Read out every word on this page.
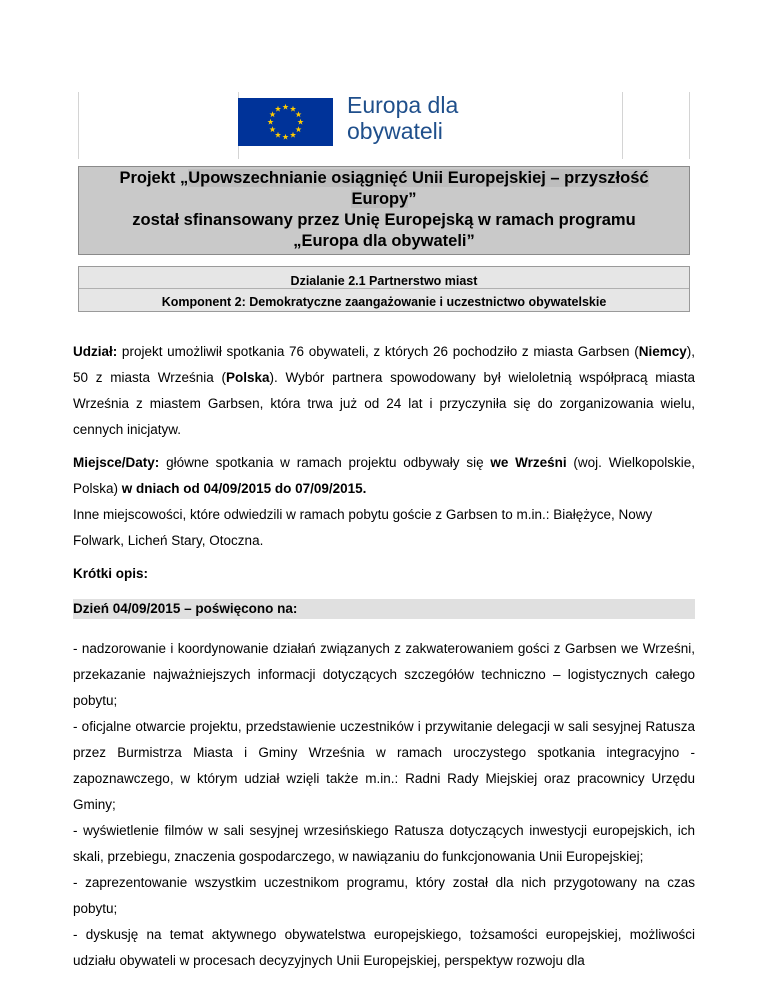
Europa dla
obywateli
Projekt „Upowszechnianie osiągnięć Unii Europejskiej – przyszłość
Europy”
został sfinansowany przez Unię Europejską w ramach programu
„Europa dla obywateli”
Dzialanie 2.1 Partnerstwo miast
Komponent 2: Demokratyczne zaangażowanie i uczestnictwo obywatelskie
Udział: projekt umożliwił spotkania 76 obywateli, z których 26 pochodziło z miasta Garbsen (Niemcy), 50 z miasta Września (Polska). Wybór partnera spowodowany był wieloletnią współpracą miasta Września z miastem Garbsen, która trwa już od 24 lat i przyczyniła się do zorganizowania wielu, cennych inicjatyw.
Miejsce/Daty: główne spotkania w ramach projektu odbywały się we Wrześni (woj. Wielkopolskie, Polska) w dniach od 04/09/2015 do 07/09/2015.
Inne miejscowości, które odwiedzili w ramach pobytu goście z Garbsen to m.in.: Białężyce, Nowy Folwark, Licheń Stary, Otoczna.
Krótki opis:
Dzień 04/09/2015 – poświęcono na:
- nadzorowanie i koordynowanie działań związanych z zakwaterowaniem gości z Garbsen we Wrześni, przekazanie najważniejszych informacji dotyczących szczegółów techniczno – logistycznych całego pobytu;
- oficjalne otwarcie projektu, przedstawienie uczestników i przywitanie delegacji w sali sesyjnej Ratusza przez Burmistrza Miasta i Gminy Września w ramach uroczystego spotkania integracyjno - zapoznawczego, w którym udział wzięli także m.in.: Radni Rady Miejskiej oraz pracownicy Urzędu Gminy;
- wyświetlenie filmów w sali sesyjnej wrzesińskiego Ratusza dotyczących inwestycji europejskich, ich skali, przebiegu, znaczenia gospodarczego, w nawiązaniu do funkcjonowania Unii Europejskiej;
- zaprezentowanie wszystkim uczestnikom programu, który został dla nich przygotowany na czas pobytu;
- dyskusję na temat aktywnego obywatelstwa europejskiego, tożsamości europejskiej, możliwości udziału obywateli w procesach decyzyjnych Unii Europejskiej, perspektyw rozwoju dla
